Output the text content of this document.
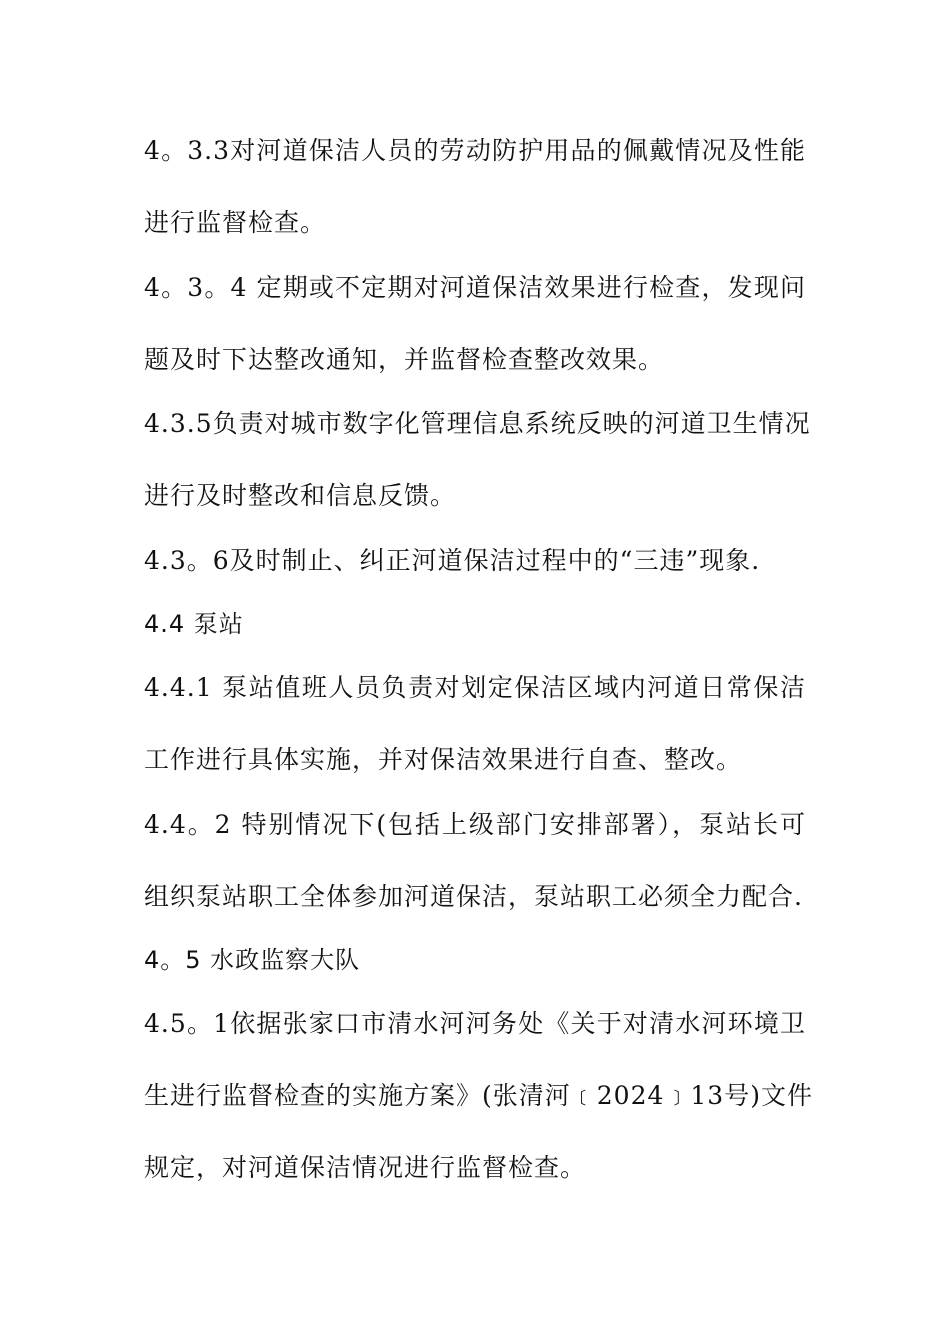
4。3.3对河道保洁人员的劳动防护用品的佩戴情况及性能
进行监督检查。
4。3。4 定期或不定期对河道保洁效果进行检查，发现问
题及时下达整改通知，并监督检查整改效果。
4.3.5负责对城市数字化管理信息系统反映的河道卫生情况
进行及时整改和信息反馈。
4.3。6及时制止、纠正河道保洁过程中的“三违”现象.
4.4 泵站
4.4.1 泵站值班人员负责对划定保洁区域内河道日常保洁
工作进行具体实施，并对保洁效果进行自查、整改。
4.4。2 特别情况下(包括上级部门安排部署），泵站长可
组织泵站职工全体参加河道保洁，泵站职工必须全力配合.
4。5 水政监察大队
4.5。1依据张家口市清水河河务处《关于对清水河环境卫
生进行监督检查的实施方案》(张清河﹝2024﹞13号)文件
规定，对河道保洁情况进行监督检查。
